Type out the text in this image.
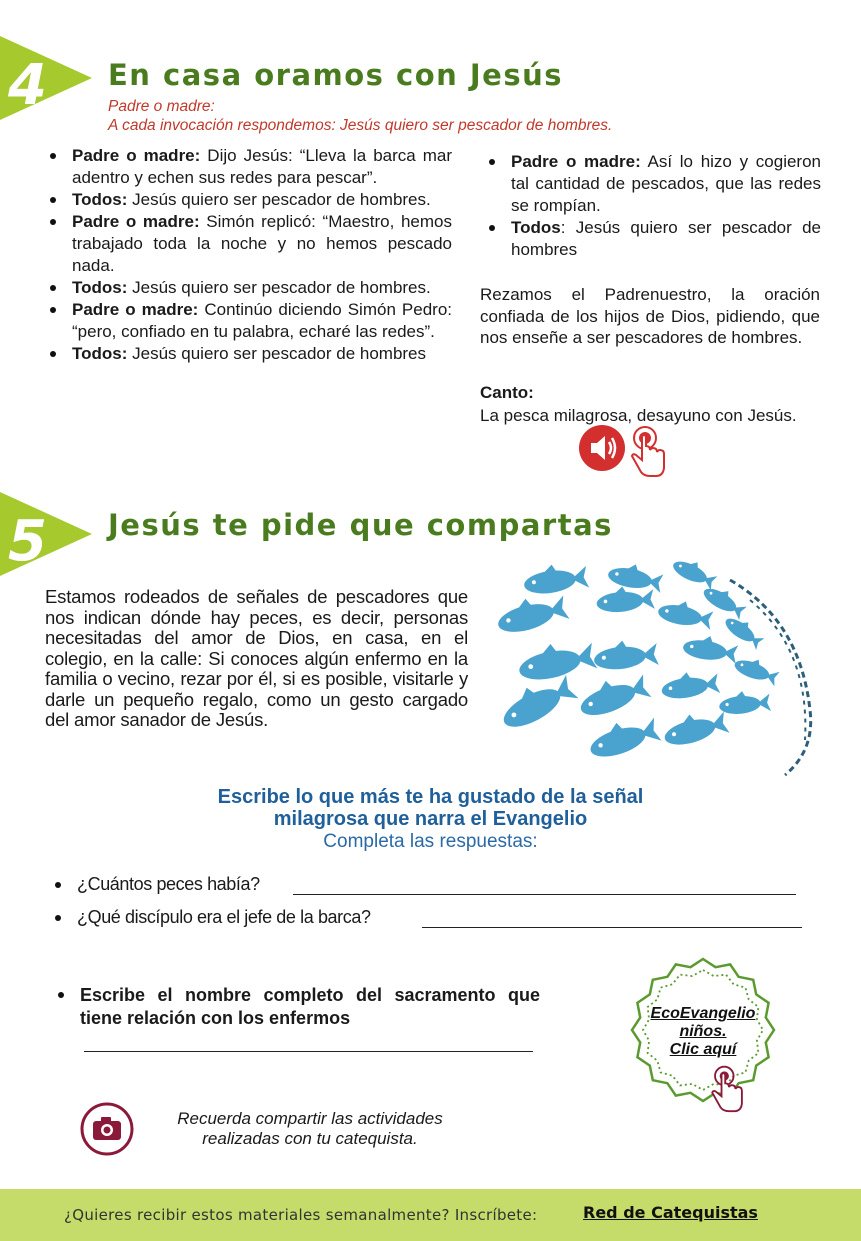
4 En casa oramos con Jesús
Padre o madre:
A cada invocación respondemos: Jesús quiero ser pescador de hombres.
Padre o madre: Dijo Jesús: “Lleva la barca mar adentro y echen sus redes para pescar”.
Todos: Jesús quiero ser pescador de hombres.
Padre o madre: Simón replicó: “Maestro, hemos trabajado toda la noche y no hemos pescado nada.
Todos: Jesús quiero ser pescador de hombres.
Padre o madre: Continúo diciendo Simón Pedro: “pero, confiado en tu palabra, echaré las redes”.
Todos: Jesús quiero ser pescador de hombres
Padre o madre: Así lo hizo y cogieron tal cantidad de pescados, que las redes se rompían.
Todos: Jesús quiero ser pescador de hombres
Rezamos el Padrenuestro, la oración confiada de los hijos de Dios, pidiendo, que nos enseñe a ser pescadores de hombres.
Canto:
La pesca milagrosa, desayuno con Jesús.
5 Jesús te pide que compartas
Estamos rodeados de señales de pescadores que nos indican dónde hay peces, es decir, personas necesitadas del amor de Dios, en casa, en el colegio, en la calle: Si conoces algún enfermo en la familia o vecino, rezar por él, si es posible, visitarle y darle un pequeño regalo, como un gesto cargado del amor sanador de Jesús.
Escribe lo que más te ha gustado de la señal
milagrosa que narra el Evangelio
Completa las respuestas:
¿Cuántos peces había?
¿Qué discípulo era el jefe de la barca?
Escribe el nombre completo del sacramento que tiene relación con los enfermos	EcoEvangelio
niños.
Clic aquí
Recuerda compartir las actividades
realizadas con tu catequista.
¿Quieres recibir estos materiales semanalmente? Inscríbete:	Red de Catequistas
